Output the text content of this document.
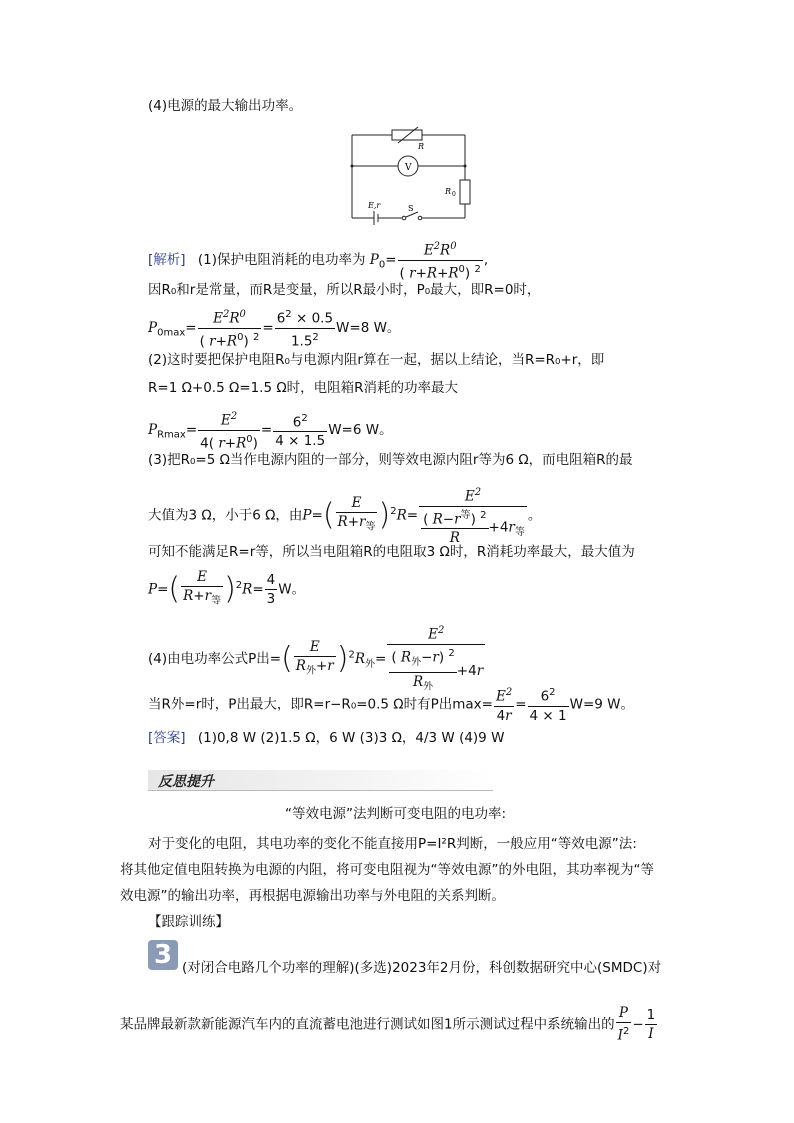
(4)电源的最大输出功率。
R
V
R 0
E,r	S
[解析] (1)保护电阻消耗的电功率为 $P_0= \frac{E^2R^0}{( r+R+R^0) ^2}$ ,
因R₀和r是常量，而R是变量，所以R最小时，P₀最大，即R=0时，
$P_{0max}= \frac{E^2R^0}{( r+R^0) ^2} = \frac{6^2 \times 0.5}{1.5^2} W=8$ W。
(2)这时要把保护电阻R₀与电源内阻r算在一起，据以上结论，当R=R₀+r，即
R=1 Ω+0.5 Ω=1.5 Ω时，电阻箱R消耗的功率最大
$P_{Rmax}= \frac{E^2}{4( r+R^0)} = \frac{6^2}{4 \times 1.5} W=6$ W。
(3)把R₀=5 Ω当作电源内阻的一部分，则等效电源内阻r等为6 Ω，而电阻箱R的最
大值为3 Ω，小于6 Ω，由$P=( \frac{E}{R+r_等} )^2R= \frac{E^2}{\frac{( R-r^等) ^2}{R} +4r_等}$ 。
可知不能满足R=r等，所以当电阻箱R的电阻取3 Ω时，R消耗功率最大，最大值为
$P=( \frac{E}{R+r_等} )^2R= \frac{4}{3}$ W。
(4)由电功率公式P出=( $\frac{E}{R_外+r} )^2R_外= \frac{E^2}{\frac{( R_外-r) ^2}{R_外} +4r}$
当R外=r时，P出最大，即R=r−R₀=0.5 Ω时有P出$\max= \frac{E^2}{4r} = \frac{6^2}{4 \times 1} W=9$ W。
[答案] (1)0,8 W (2)1.5 Ω，6 W (3)3 Ω，4/3 W (4)9 W
反思提升
“等效电源”法判断可变电阻的电功率:
对于变化的电阻，其电功率的变化不能直接用P=I²R判断，一般应用“等效电源”法:
将其他定值电阻转换为电源的内阻，将可变电阻视为“等效电源”的外电阻，其功率视为“等
效电源”的输出功率，再根据电源输出功率与外电阻的关系判断。
【跟踪训练】
3 (对闭合电路几个功率的理解)(多选)2023年2月份，科创数据研究中心(SMDC)对
某品牌最新款新能源汽车内的直流蓄电池进行测试如图1所示测试过程中系统输出的 $\frac{P}{I^2} - \frac{1}{I}$
